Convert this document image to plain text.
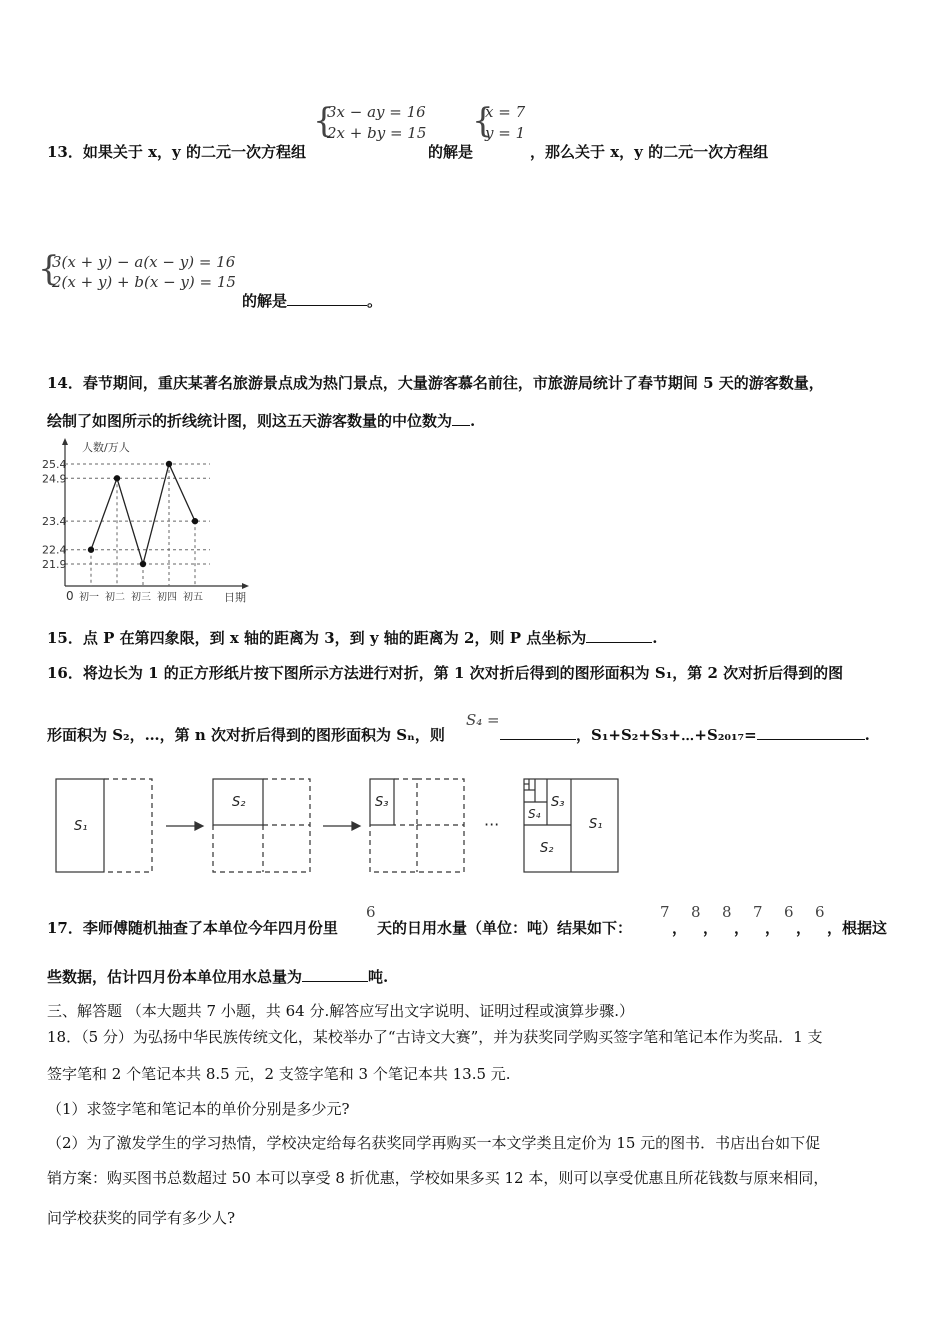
{
3x − ay = 16
2x + by = 15 {
x = 7
y = 1
13．如果关于 x，y 的二元一次方程组	的解是	，那么关于 x，y 的二元一次方程组
{
3(x + y) − a(x − y) = 16
2(x + y) + b(x − y) = 15
的解是	。
14．春节期间，重庆某著名旅游景点成为热门景点，大量游客慕名前往，市旅游局统计了春节期间 5 天的游客数量，
绘制了如图所示的折线统计图，则这五天游客数量的中位数为 .
人数/万人
日期
0 初一 初二 初三 初四 初五
25.4
24.9
23.4
22.4
21.9
15．点 P 在第四象限，到 x 轴的距离为 3，到 y 轴的距离为 2，则 P 点坐标为	.
16．将边长为 1 的正方形纸片按下图所示方法进行对折，第 1 次对折后得到的图形面积为 S₁，第 2 次对折后得到的图
S₄ =
形面积为 S₂，…，第 n 次对折后得到的图形面积为 Sₙ，则	，S₁+S₂+S₃+⋯+S₂₀₁₇=	.
S₁
S₂	S₃	S₃
S₄
S₂
S₁
···
17．李师傅随机抽查了本单位今年四月份里
6
天的日用水量（单位：吨）结果如下：
7
，
8
，
8
，
7
，
6
，
6
， 根据这
些数据，估计四月份本单位用水总量为	吨.
三、解答题 （本大题共 7 小题，共 64 分.解答应写出文字说明、证明过程或演算步骤.）
18．（5 分）为弘扬中华民族传统文化，某校举办了“古诗文大赛”，并为获奖同学购买签字笔和笔记本作为奖品．1 支
签字笔和 2 个笔记本共 8.5 元，2 支签字笔和 3 个笔记本共 13.5 元.
（1）求签字笔和笔记本的单价分别是多少元?
（2）为了激发学生的学习热情，学校决定给每名获奖同学再购买一本文学类且定价为 15 元的图书．书店出台如下促
销方案：购买图书总数超过 50 本可以享受 8 折优惠，学校如果多买 12 本，则可以享受优惠且所花钱数与原来相同，
问学校获奖的同学有多少人?
